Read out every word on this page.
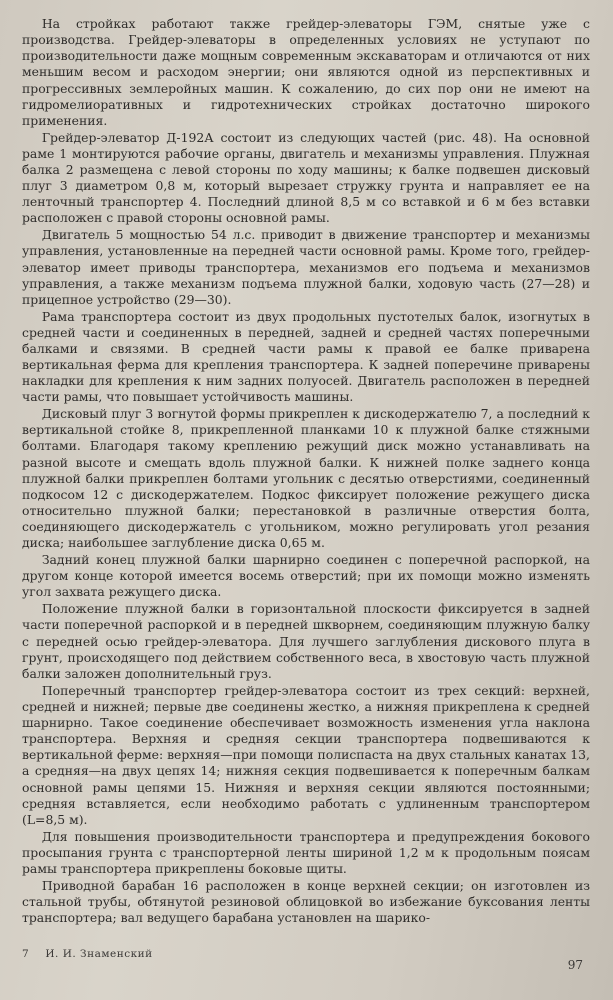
На стройках работают также грейдер-элеваторы ГЭМ, снятые уже с производства. Грейдер-элеваторы в определенных условиях не уступают по производительности даже мощным современным экскаваторам и отличаются от них меньшим весом и расходом энергии; они являются одной из перспективных и прогрессивных землеройных машин. К сожалению, до сих пор они не имеют на гидромелиоративных и гидротехнических стройках достаточно широкого применения.

Грейдер-элеватор Д-192А состоит из следующих частей (рис. 48). На основной раме 1 монтируются рабочие органы, двигатель и механизмы управления. Плужная балка 2 размещена с левой стороны по ходу машины; к балке подвешен дисковый плуг 3 диаметром 0,8 м, который вырезает стружку грунта и направляет ее на ленточный транспортер 4. Последний длиной 8,5 м со вставкой и 6 м без вставки расположен с правой стороны основной рамы.

Двигатель 5 мощностью 54 л.с. приводит в движение транспортер и механизмы управления, установленные на передней части основной рамы. Кроме того, грейдер-элеватор имеет приводы транспортера, механизмов его подъема и механизмов управления, а также механизм подъема плужной балки, ходовую часть (27—28) и прицепное устройство (29—30).

Рама транспортера состоит из двух продольных пустотелых балок, изогнутых в средней части и соединенных в передней, задней и средней частях поперечными балками и связями. В средней части рамы к правой ее балке приварена вертикальная ферма для крепления транспортера. К задней поперечине приварены накладки для крепления к ним задних полуосей. Двигатель расположен в передней части рамы, что повышает устойчивость машины.

Дисковый плуг 3 вогнутой формы прикреплен к дискодержателю 7, а последний к вертикальной стойке 8, прикрепленной планками 10 к плужной балке стяжными болтами. Благодаря такому креплению режущий диск можно устанавливать на разной высоте и смещать вдоль плужной балки. К нижней полке заднего конца плужной балки прикреплен болтами угольник с десятью отверстиями, соединенный подкосом 12 с дискодержателем. Подкос фиксирует положение режущего диска относительно плужной балки; перестановкой в различные отверстия болта, соединяющего дискодержатель с угольником, можно регулировать угол резания диска; наибольшее заглубление диска 0,65 м.

Задний конец плужной балки шарнирно соединен с поперечной распоркой, на другом конце которой имеется восемь отверстий; при их помощи можно изменять угол захвата режущего диска.

Положение плужной балки в горизонтальной плоскости фиксируется в задней части поперечной распоркой и в передней шкворнем, соединяющим плужную балку с передней осью грейдер-элеватора. Для лучшего заглубления дискового плуга в грунт, происходящего под действием собственного веса, в хвостовую часть плужной балки заложен дополнительный груз.

Поперечный транспортер грейдер-элеватора состоит из трех секций: верхней, средней и нижней; первые две соединены жестко, а нижняя прикреплена к средней шарнирно. Такое соединение обеспечивает возможность изменения угла наклона транспортера. Верхняя и средняя секции транспортера подвешиваются к вертикальной ферме: верхняя—при помощи полиспаста на двух стальных канатах 13, а средняя—на двух цепях 14; нижняя секция подвешивается к поперечным балкам основной рамы цепями 15. Нижняя и верхняя секции являются постоянными; средняя вставляется, если необходимо работать с удлиненным транспортером (L=8,5 м).

Для повышения производительности транспортера и предупреждения бокового просыпания грунта с транспортерной ленты шириной 1,2 м к продольным поясам рамы транспортера прикреплены боковые щиты.

Приводной барабан 16 расположен в конце верхней секции; он изготовлен из стальной трубы, обтянутой резиновой облицовкой во избежание буксования ленты транспортера; вал ведущего барабана установлен на шарико-

7 И. И. Знаменский
97
